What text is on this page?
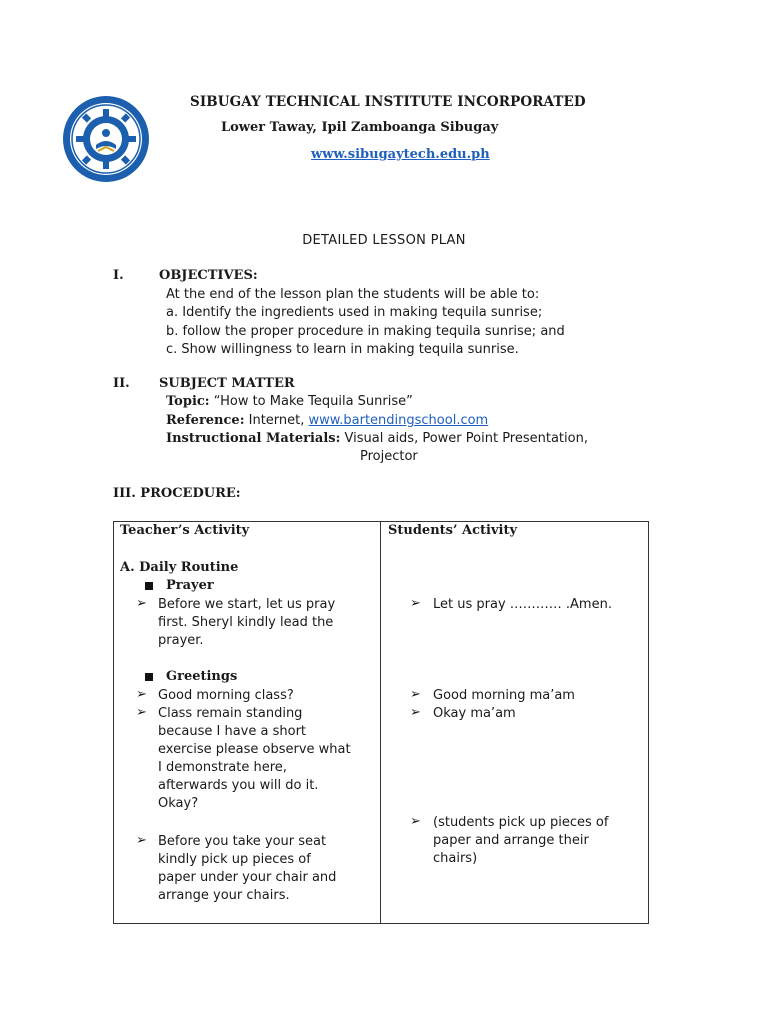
SIBUGAY TECHNICAL INSTITUTE INCORPORATED
Lower Taway, Ipil Zamboanga Sibugay
www.sibugaytech.edu.ph
DETAILED LESSON PLAN
I.	OBJECTIVES:
At the end of the lesson plan the students will be able to:
a. Identify the ingredients used in making tequila sunrise;
b. follow the proper procedure in making tequila sunrise; and
c. Show willingness to learn in making tequila sunrise.
II. SUBJECT MATTER
Topic: “How to Make Tequila Sunrise”
Reference: Internet, www.bartendingschool.com
Instructional Materials: Visual aids, Power Point Presentation,
Projector
III. PROCEDURE:
Teacher’s Activity	Students’ Activity
A. Daily Routine
Prayer
➢ Before we start, let us pray
first. Sheryl kindly lead the
prayer.
➢ Let us pray ………… .Amen.
Greetings
➢ Good morning class?
➢ Class remain standing
because I have a short
exercise please observe what
I demonstrate here,
afterwards you will do it.
Okay?
➢ Before you take your seat
kindly pick up pieces of
paper under your chair and
arrange your chairs.
➢ Good morning ma’am
➢ Okay ma’am
➢ (students pick up pieces of
paper and arrange their
chairs)
